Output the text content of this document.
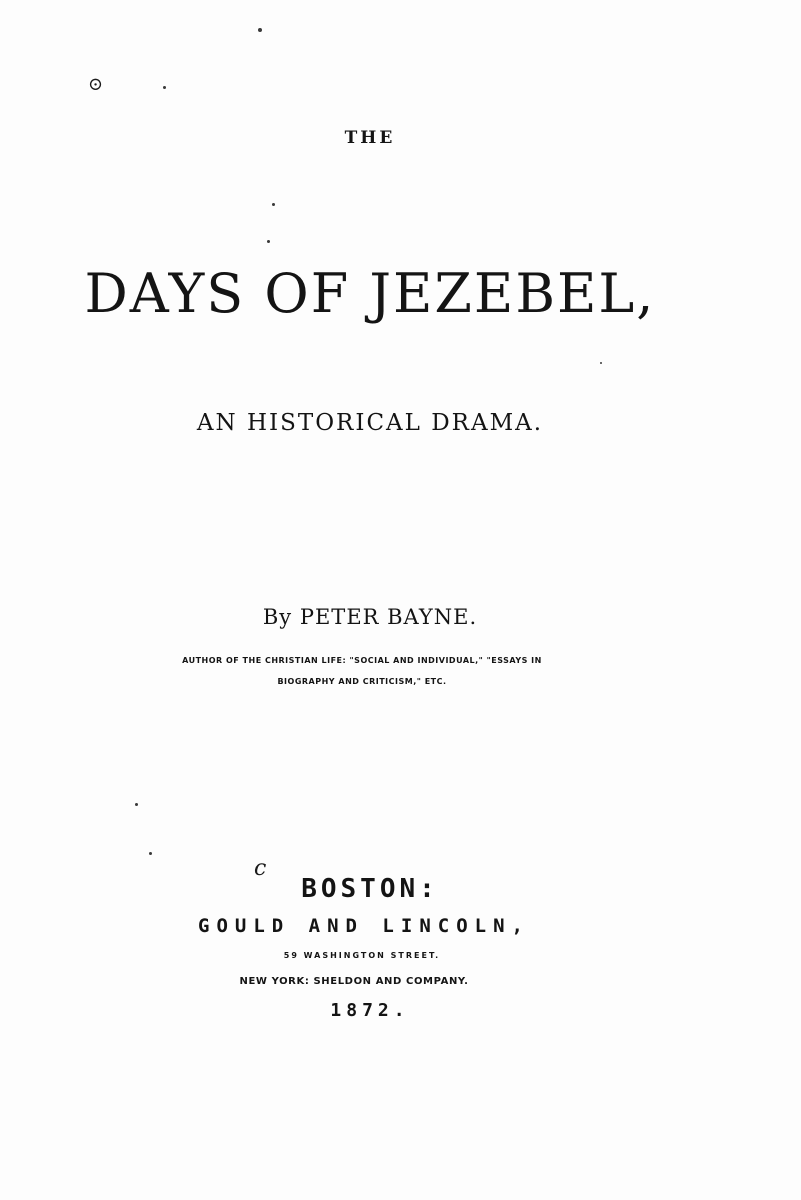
⊙
c
THE
DAYS OF JEZEBEL,
AN HISTORICAL DRAMA.
By PETER BAYNE.
AUTHOR OF THE CHRISTIAN LIFE: "SOCIAL AND INDIVIDUAL," "ESSAYS IN
BIOGRAPHY AND CRITICISM," ETC.
BOSTON:
GOULD AND LINCOLN,
59 WASHINGTON STREET.
NEW YORK: SHELDON AND COMPANY.
1872.
